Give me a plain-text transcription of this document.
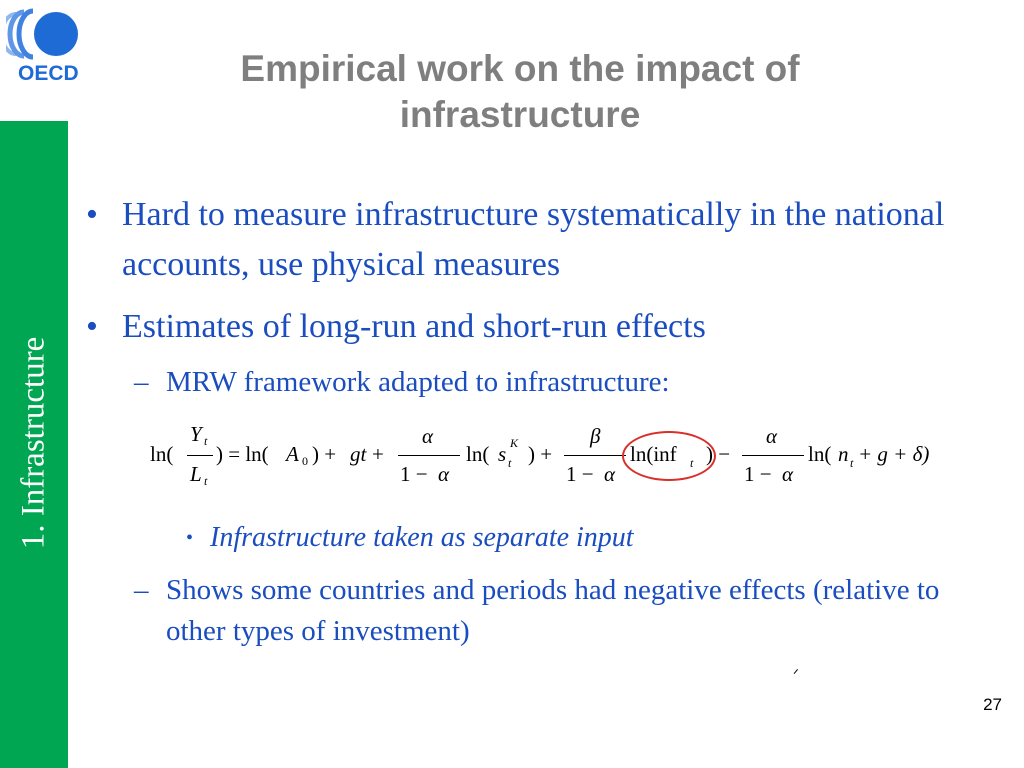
OECD
1. Infrastructure
Empirical work on the impact of infrastructure
• Hard to measure infrastructure systematically in the national accounts, use physical measures
• Estimates of long-run and short-run effects
– MRW framework adapted to infrastructure:
ln(
Y t
L t
) = ln( A 0 ) + gt +
α
1 − α
ln( s K
t ) +
β
1 − α
ln(inf t ) −
α
1 − α
ln( n t + g + δ)
• Infrastructure taken as separate input
– Shows some countries and periods had negative effects (relative to other types of investment)
ᐟ
27
